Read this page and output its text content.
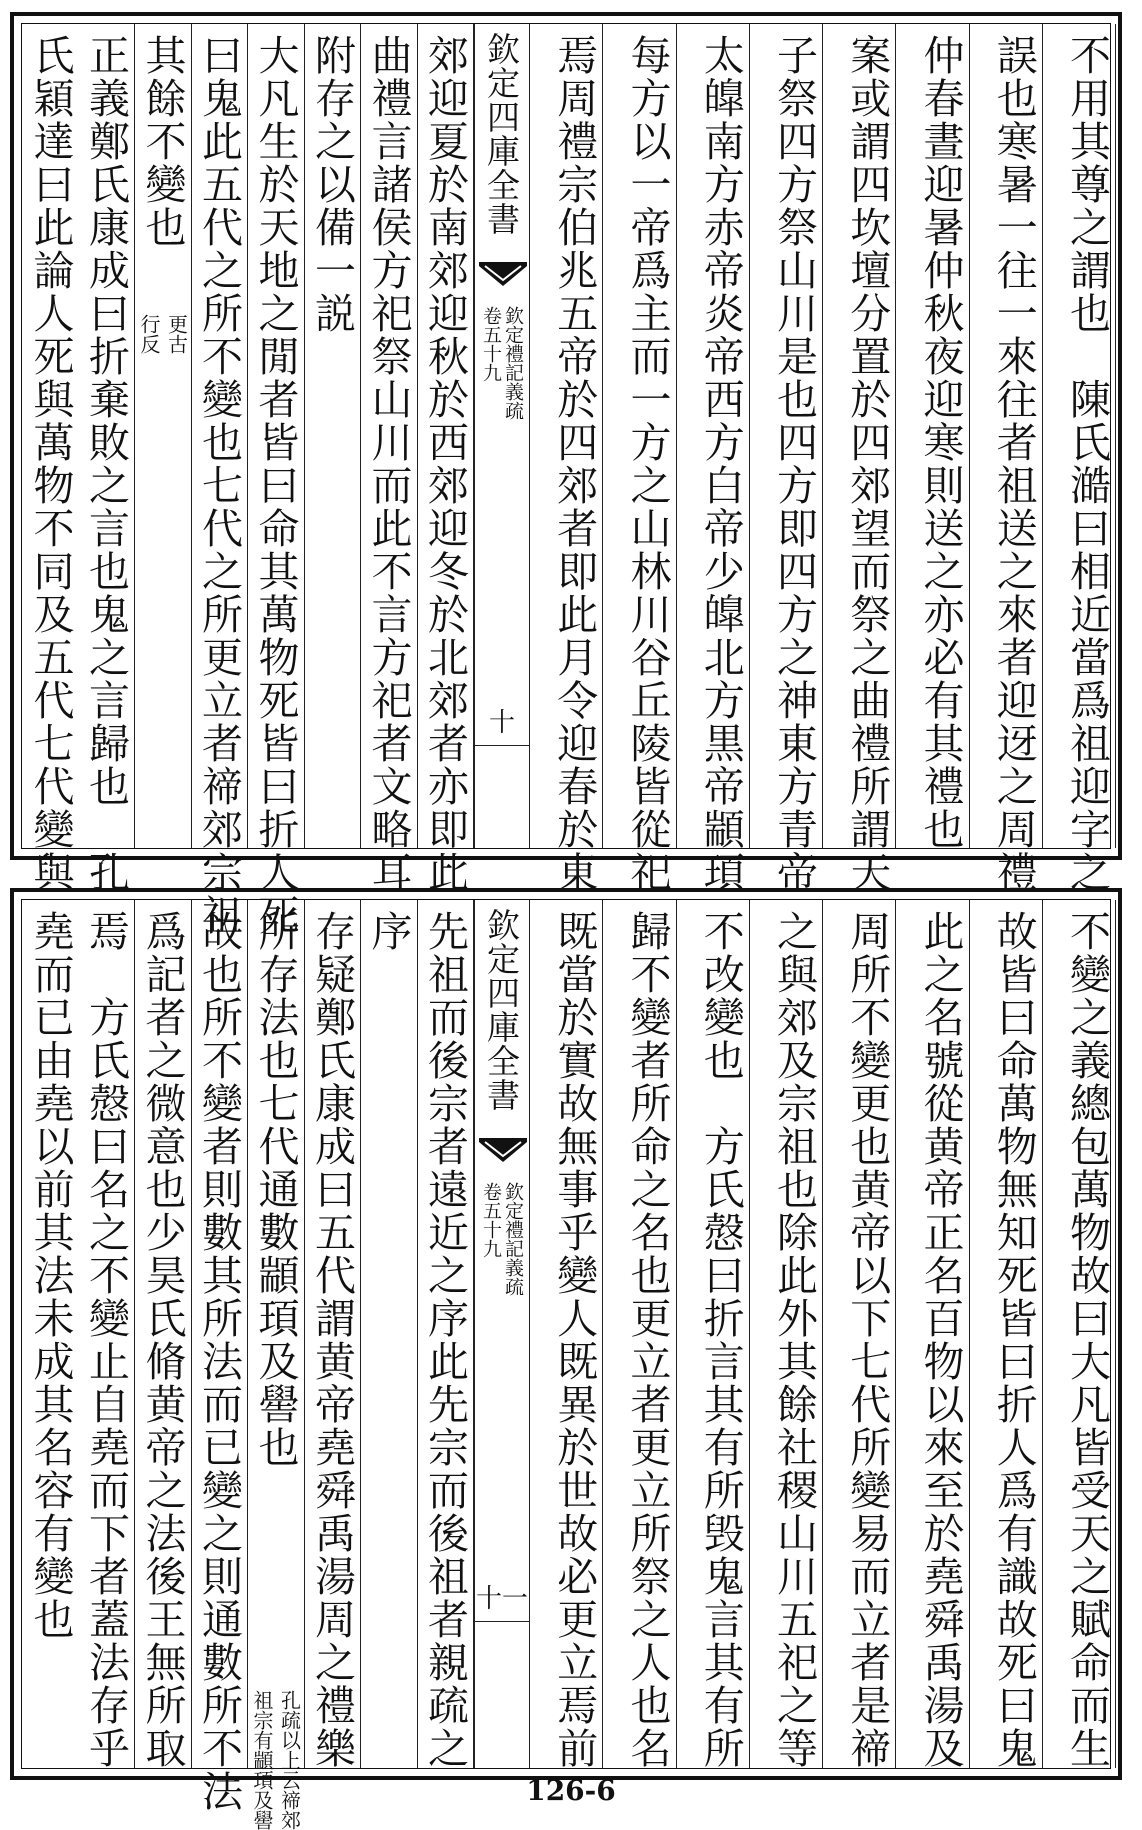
氏穎達曰此論人死與萬物不同及五代七代變與 正義鄭氏康成曰折棄敗之言也鬼之言歸也　孔 其餘不變也
更古
行反 曰鬼此五代之所不變也七代之所更立者禘郊宗祖 大凡生於天地之閒者皆曰命其萬物死皆曰折人死 附存之以備一説 曲禮言諸侯方祀祭山川而此不言方祀者文略耳 郊迎夏於南郊迎秋於西郊迎冬於北郊者亦即此 欽定四庫全書
欽定禮記義疏
卷五十九
十	不用其尊之謂也　陳氏澔曰相近當爲祖迎字之
誤也寒暑一往一來往者祖送之來者迎迓之周禮
仲春晝迎暑仲秋夜迎寒則送之亦必有其禮也
案或謂四坎壇分置於四郊望而祭之曲禮所謂天
子祭四方祭山川是也四方即四方之神東方青帝
太皥南方赤帝炎帝西方白帝少皥北方黒帝顓頊
每方以一帝爲主而一方之山林川谷丘陵皆從祀
焉周禮宗伯兆五帝於四郊者即此月令迎春於東
堯而已由堯以前其法未成其名容有變也 焉　方氏慤曰名之不變止自堯而下者蓋法存乎 爲記者之微意也少昊氏脩黄帝之法後王無所取 故也所不變者則數其所法而已變之則通數所不法 所存法也七代通數顓頊及嚳也
孔疏以上云禘郊
祖宗有顓頊及嚳 存疑鄭氏康成曰五代謂黄帝堯舜禹湯周之禮樂 序 先祖而後宗者遠近之序此先宗而後祖者親疏之 欽定四庫全書
欽定禮記義疏
卷五十九
十一	不變之義總包萬物故曰大凡皆受天之賦命而生
故皆曰命萬物無知死皆曰折人爲有識故死曰鬼
此之名號從黄帝正名百物以來至於堯舜禹湯及
周所不變更也黄帝以下七代所變易而立者是禘
之與郊及宗祖也除此外其餘社稷山川五祀之等
不改變也　方氏慤曰折言其有所毁鬼言其有所
歸不變者所命之名也更立者更立所祭之人也名
既當於實故無事乎變人既異於世故必更立焉前
126-6
